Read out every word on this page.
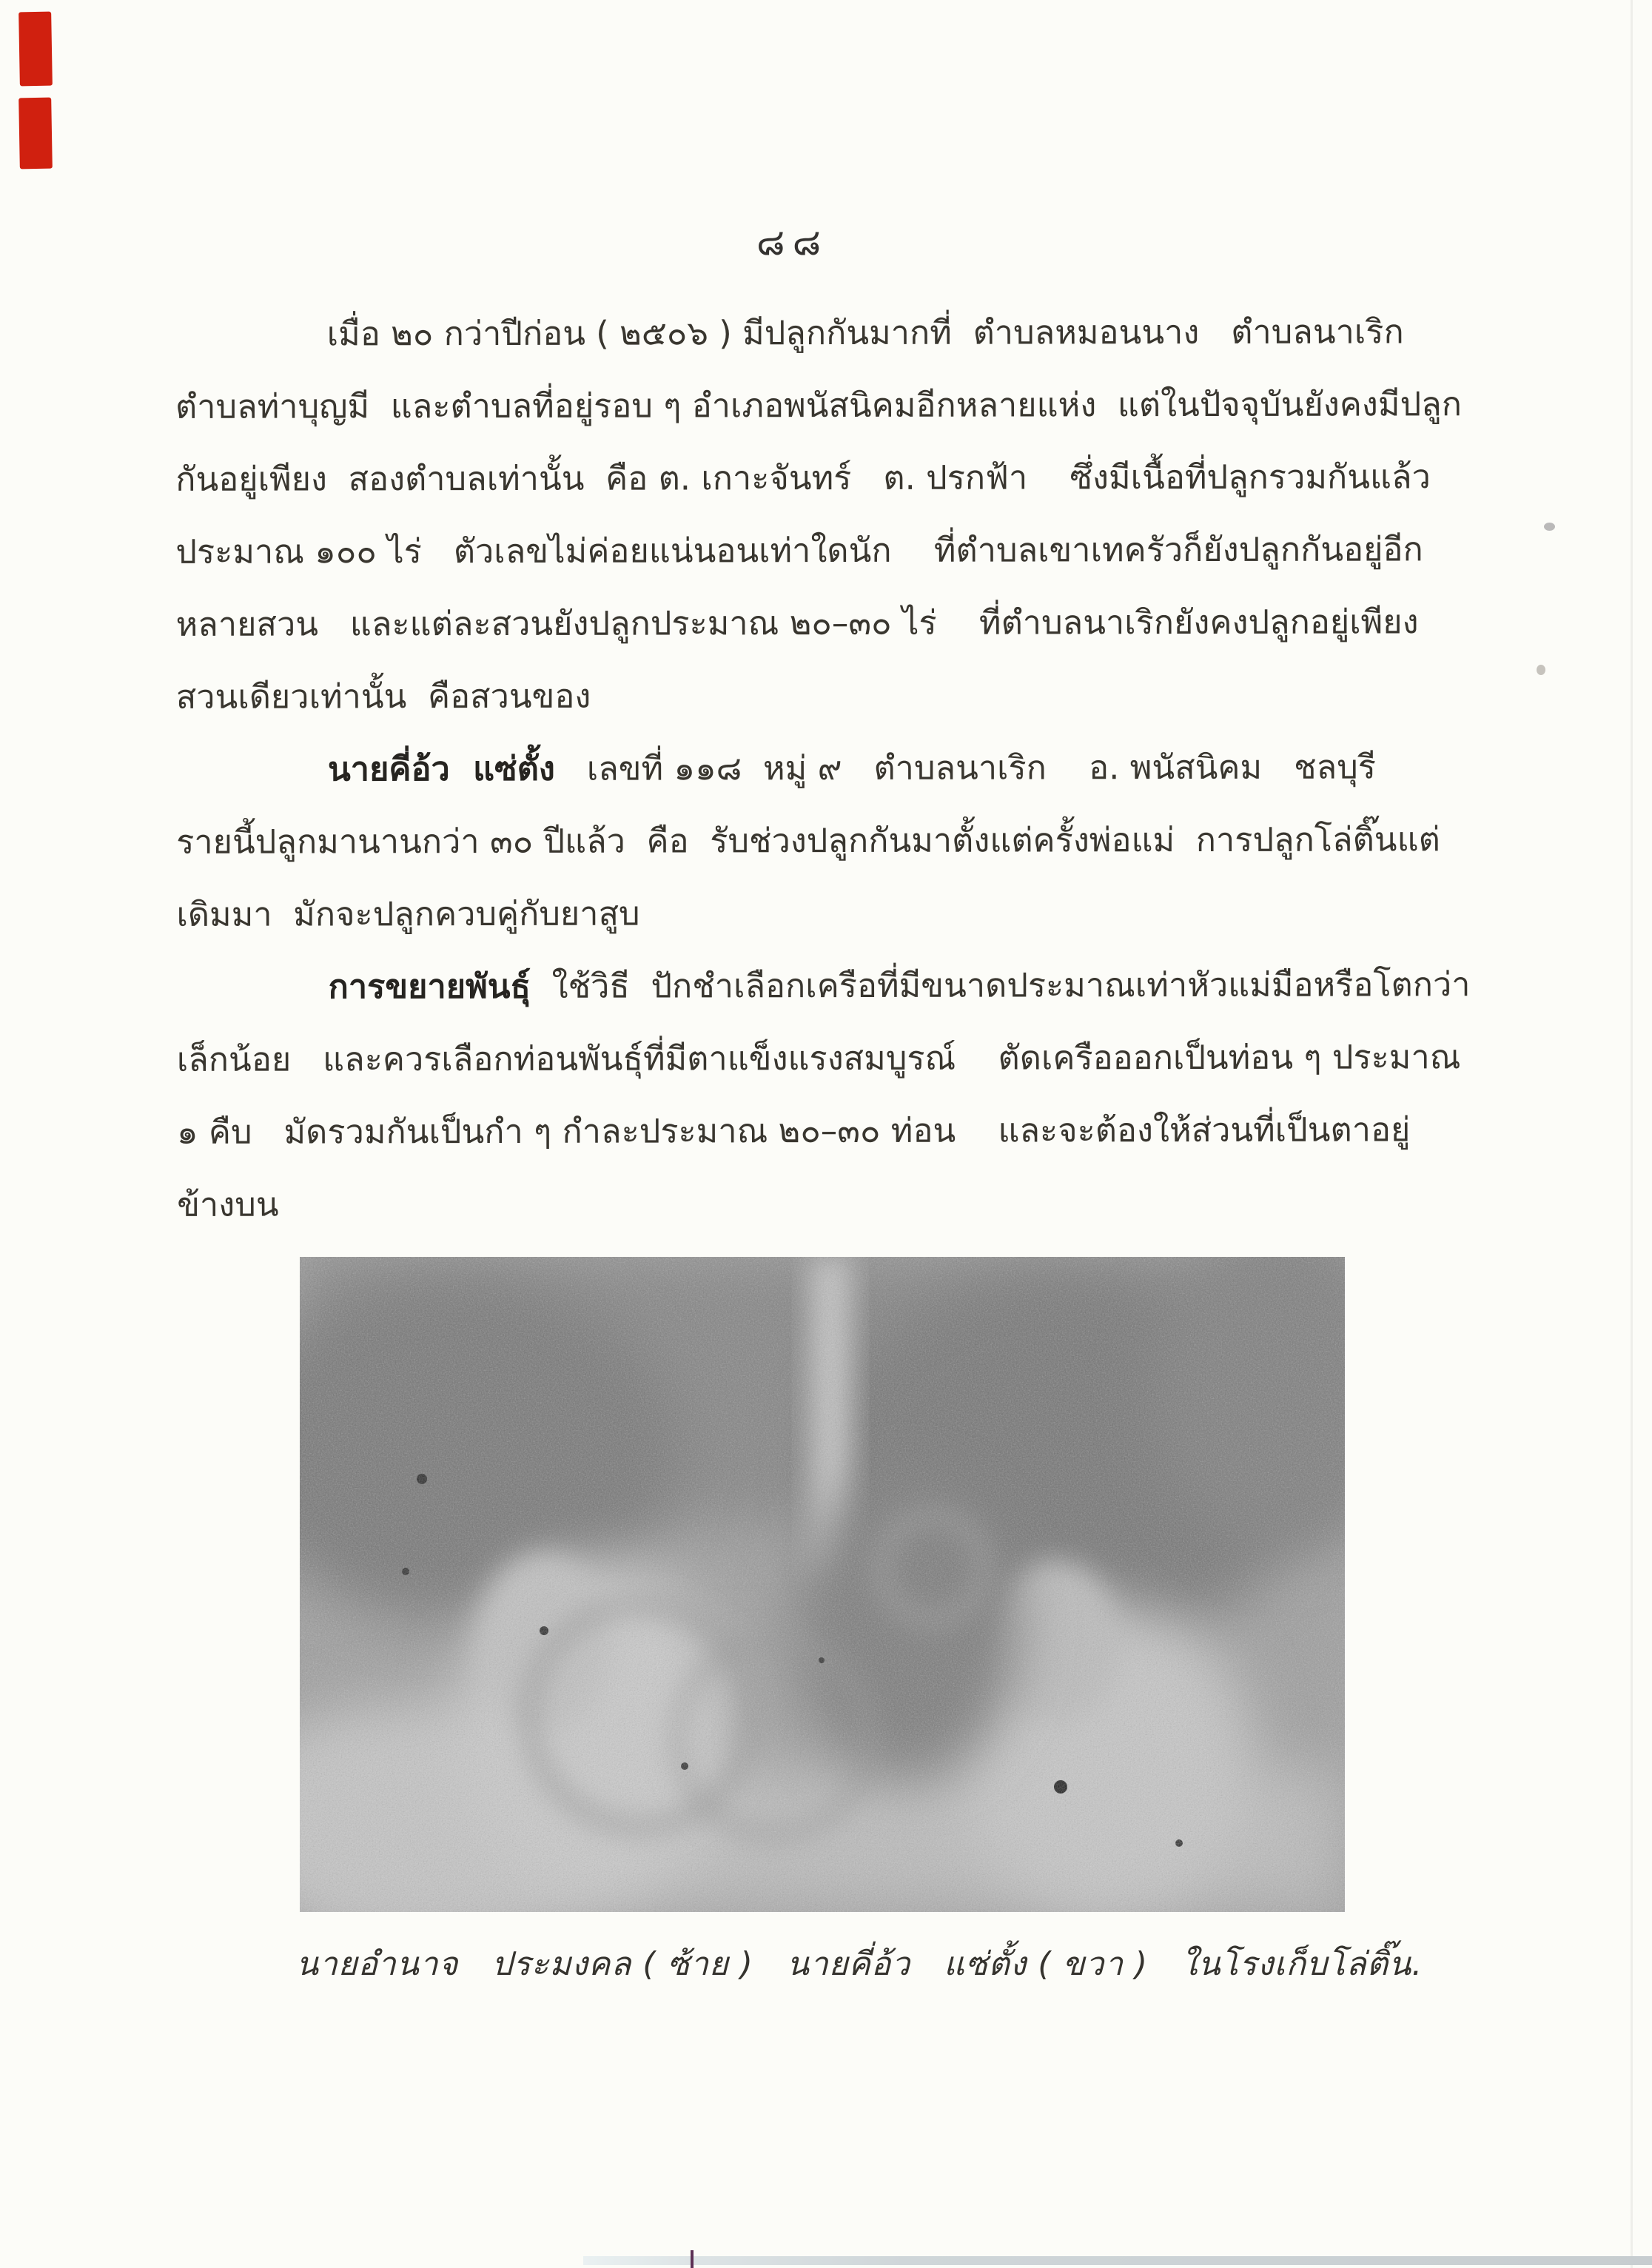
๘๘
เมื่อ ๒๐ กว่าปีก่อน ( ๒๕๐๖ ) มีปลูกกันมากที่  ตำบลหมอนนาง   ตำบลนาเริก
ตำบลท่าบุญมี  และตำบลที่อยู่รอบ ๆ อำเภอพนัสนิคมอีกหลายแห่ง  แต่ในปัจจุบันยังคงมีปลูก
กันอยู่เพียง  สองตำบลเท่านั้น  คือ ต. เกาะจันทร์   ต. ปรกฟ้า    ซึ่งมีเนื้อที่ปลูกรวมกันแล้ว
ประมาณ ๑๐๐ ไร่   ตัวเลขไม่ค่อยแน่นอนเท่าใดนัก    ที่ตำบลเขาเทครัวก็ยังปลูกกันอยู่อีก
หลายสวน   และแต่ละสวนยังปลูกประมาณ ๒๐–๓๐ ไร่    ที่ตำบลนาเริกยังคงปลูกอยู่เพียง
สวนเดียวเท่านั้น  คือสวนของ
นายคี่อ้ว  แซ่ตั้ง   เลขที่ ๑๑๘  หมู่ ๙   ตำบลนาเริก    อ. พนัสนิคม   ชลบุรี
รายนี้ปลูกมานานกว่า ๓๐ ปีแล้ว  คือ  รับช่วงปลูกกันมาตั้งแต่ครั้งพ่อแม่  การปลูกโล่ติ๊นแต่
เดิมมา  มักจะปลูกควบคู่กับยาสูบ
การขยายพันธุ์  ใช้วิธี  ปักชำเลือกเครือที่มีขนาดประมาณเท่าหัวแม่มือหรือโตกว่า
เล็กน้อย   และควรเลือกท่อนพันธุ์ที่มีตาแข็งแรงสมบูรณ์    ตัดเครือออกเป็นท่อน ๆ ประมาณ
๑ คืบ   มัดรวมกันเป็นกำ ๆ กำละประมาณ ๒๐–๓๐ ท่อน    และจะต้องให้ส่วนที่เป็นตาอยู่
ข้างบน
นายอำนาจ   ประมงคล ( ซ้าย )   นายคี่อ้ว   แซ่ตั้ง ( ขวา )   ในโรงเก็บโล่ติ๊น.
